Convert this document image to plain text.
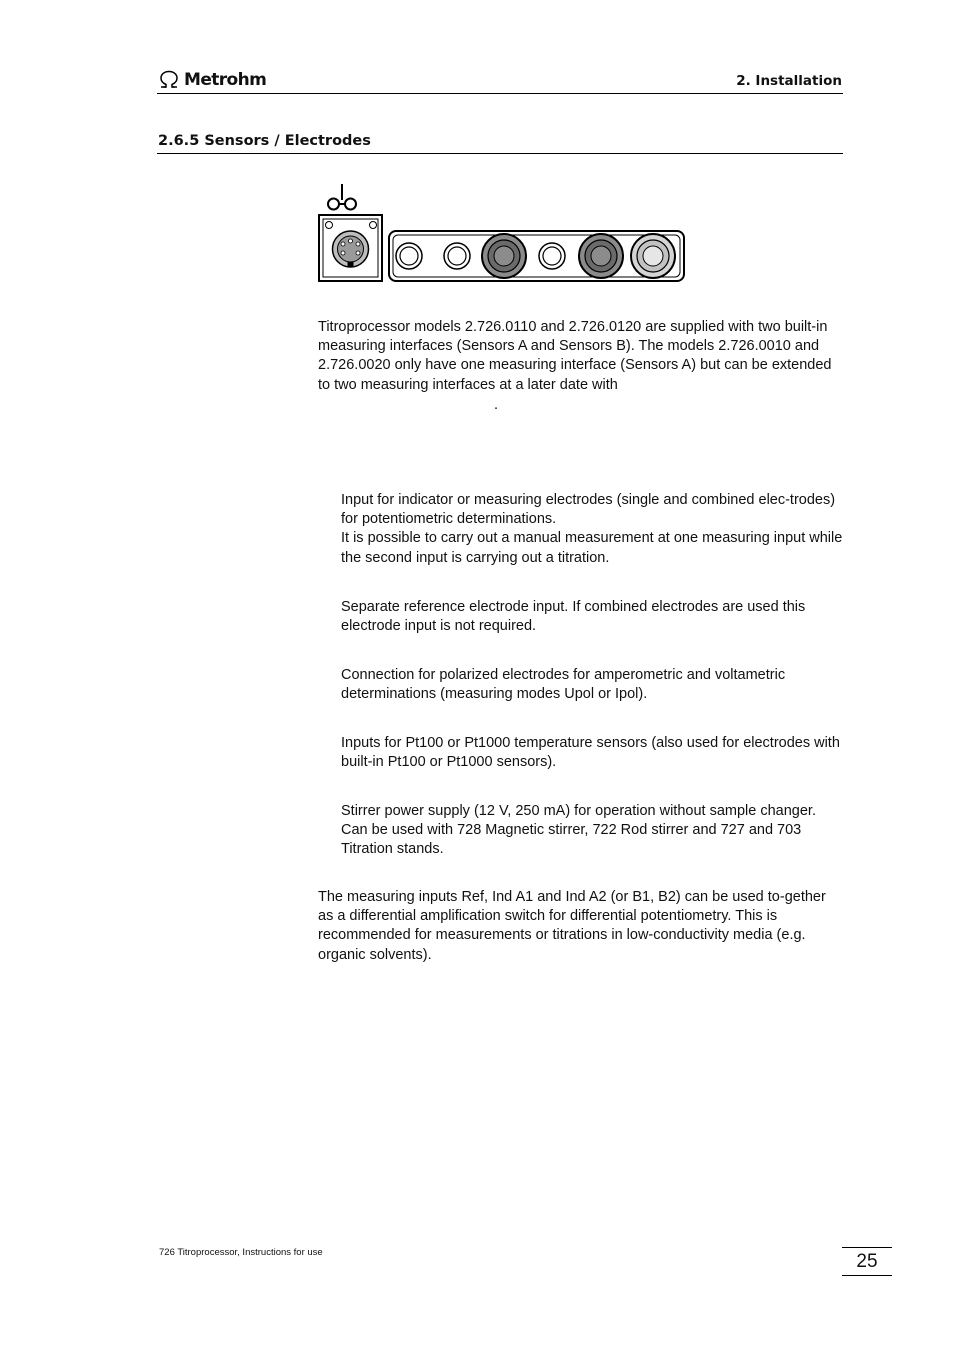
Metrohm	2. Installation
2.6.5 Sensors / Electrodes
Titroprocessor models 2.726.0110 and 2.726.0120 are supplied with two built-in measuring interfaces (Sensors A and Sensors B). The models 2.726.0010 and 2.726.0020 only have one measuring interface (Sensors A) but can be extended to two measuring interfaces at a later date with
.
Input for indicator or measuring electrodes (single and combined elec-trodes) for potentiometric determinations.
It is possible to carry out a manual measurement at one measuring input while the second input is carrying out a titration.
Separate reference electrode input. If combined electrodes are used this electrode input is not required.
Connection for polarized electrodes for amperometric and voltametric determinations (measuring modes Upol or Ipol).
Inputs for Pt100 or Pt1000 temperature sensors (also used for electrodes with built-in Pt100 or Pt1000 sensors).
Stirrer power supply (12 V, 250 mA) for operation without sample changer. Can be used with 728 Magnetic stirrer, 722 Rod stirrer and 727 and 703 Titration stands.
The measuring inputs Ref, Ind A1 and Ind A2 (or B1, B2) can be used to-gether as a differential amplification switch for differential potentiometry. This is recommended for measurements or titrations in low-conductivity media (e.g. organic solvents).
726 Titroprocessor, Instructions for use	25
